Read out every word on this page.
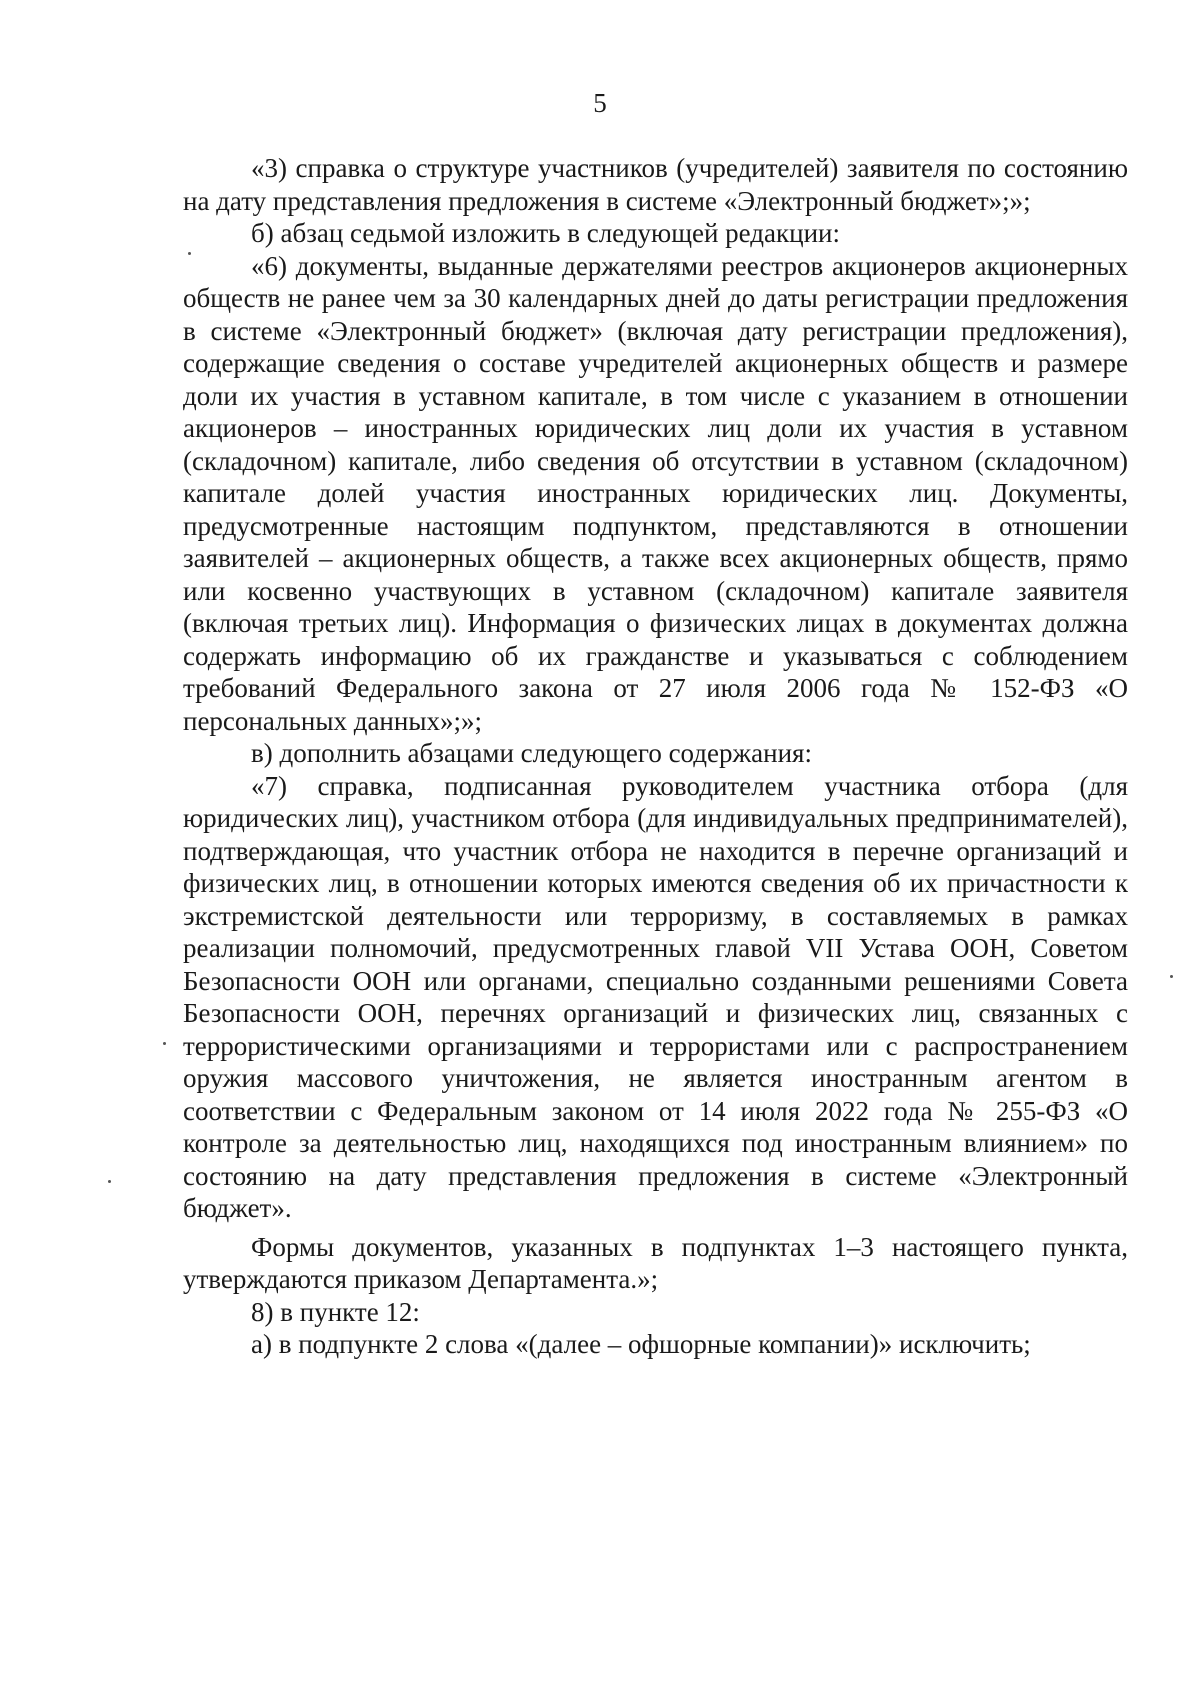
5

«3) справка о структуре участников (учредителей) заявителя по состоянию на дату представления предложения в системе «Электронный бюджет»;»;

б) абзац седьмой изложить в следующей редакции:

«6) документы, выданные держателями реестров акционеров акционерных обществ не ранее чем за 30 календарных дней до даты регистрации предложения в системе «Электронный бюджет» (включая дату регистрации предложения), содержащие сведения о составе учредителей акционерных обществ и размере доли их участия в уставном капитале, в том числе с указанием в отношении акционеров – иностранных юридических лиц доли их участия в уставном (складочном) капитале, либо сведения об отсутствии в уставном (складочном) капитале долей участия иностранных юридических лиц. Документы, предусмотренные настоящим подпунктом, представляются в отношении заявителей – акционерных обществ, а также всех акционерных обществ, прямо или косвенно участвующих в уставном (складочном) капитале заявителя (включая третьих лиц). Информация о физических лицах в документах должна содержать информацию об их гражданстве и указываться с соблюдением требований Федерального закона от 27 июля 2006 года № 152-ФЗ «О персональных данных»;»;

в) дополнить абзацами следующего содержания:

«7) справка, подписанная руководителем участника отбора (для юридических лиц), участником отбора (для индивидуальных предпринимателей), подтверждающая, что участник отбора не находится в перечне организаций и физических лиц, в отношении которых имеются сведения об их причастности к экстремистской деятельности или терроризму, в составляемых в рамках реализации полномочий, предусмотренных главой VII Устава ООН, Советом Безопасности ООН или органами, специально созданными решениями Совета Безопасности ООН, перечнях организаций и физических лиц, связанных с террористическими организациями и террористами или с распространением оружия массового уничтожения, не является иностранным агентом в соответствии с Федеральным законом от 14 июля 2022 года № 255-ФЗ «О контроле за деятельностью лиц, находящихся под иностранным влиянием» по состоянию на дату представления предложения в системе «Электронный бюджет».

Формы документов, указанных в подпунктах 1–3 настоящего пункта, утверждаются приказом Департамента.»;

8) в пункте 12:

а) в подпункте 2 слова «(далее – офшорные компании)» исключить;
